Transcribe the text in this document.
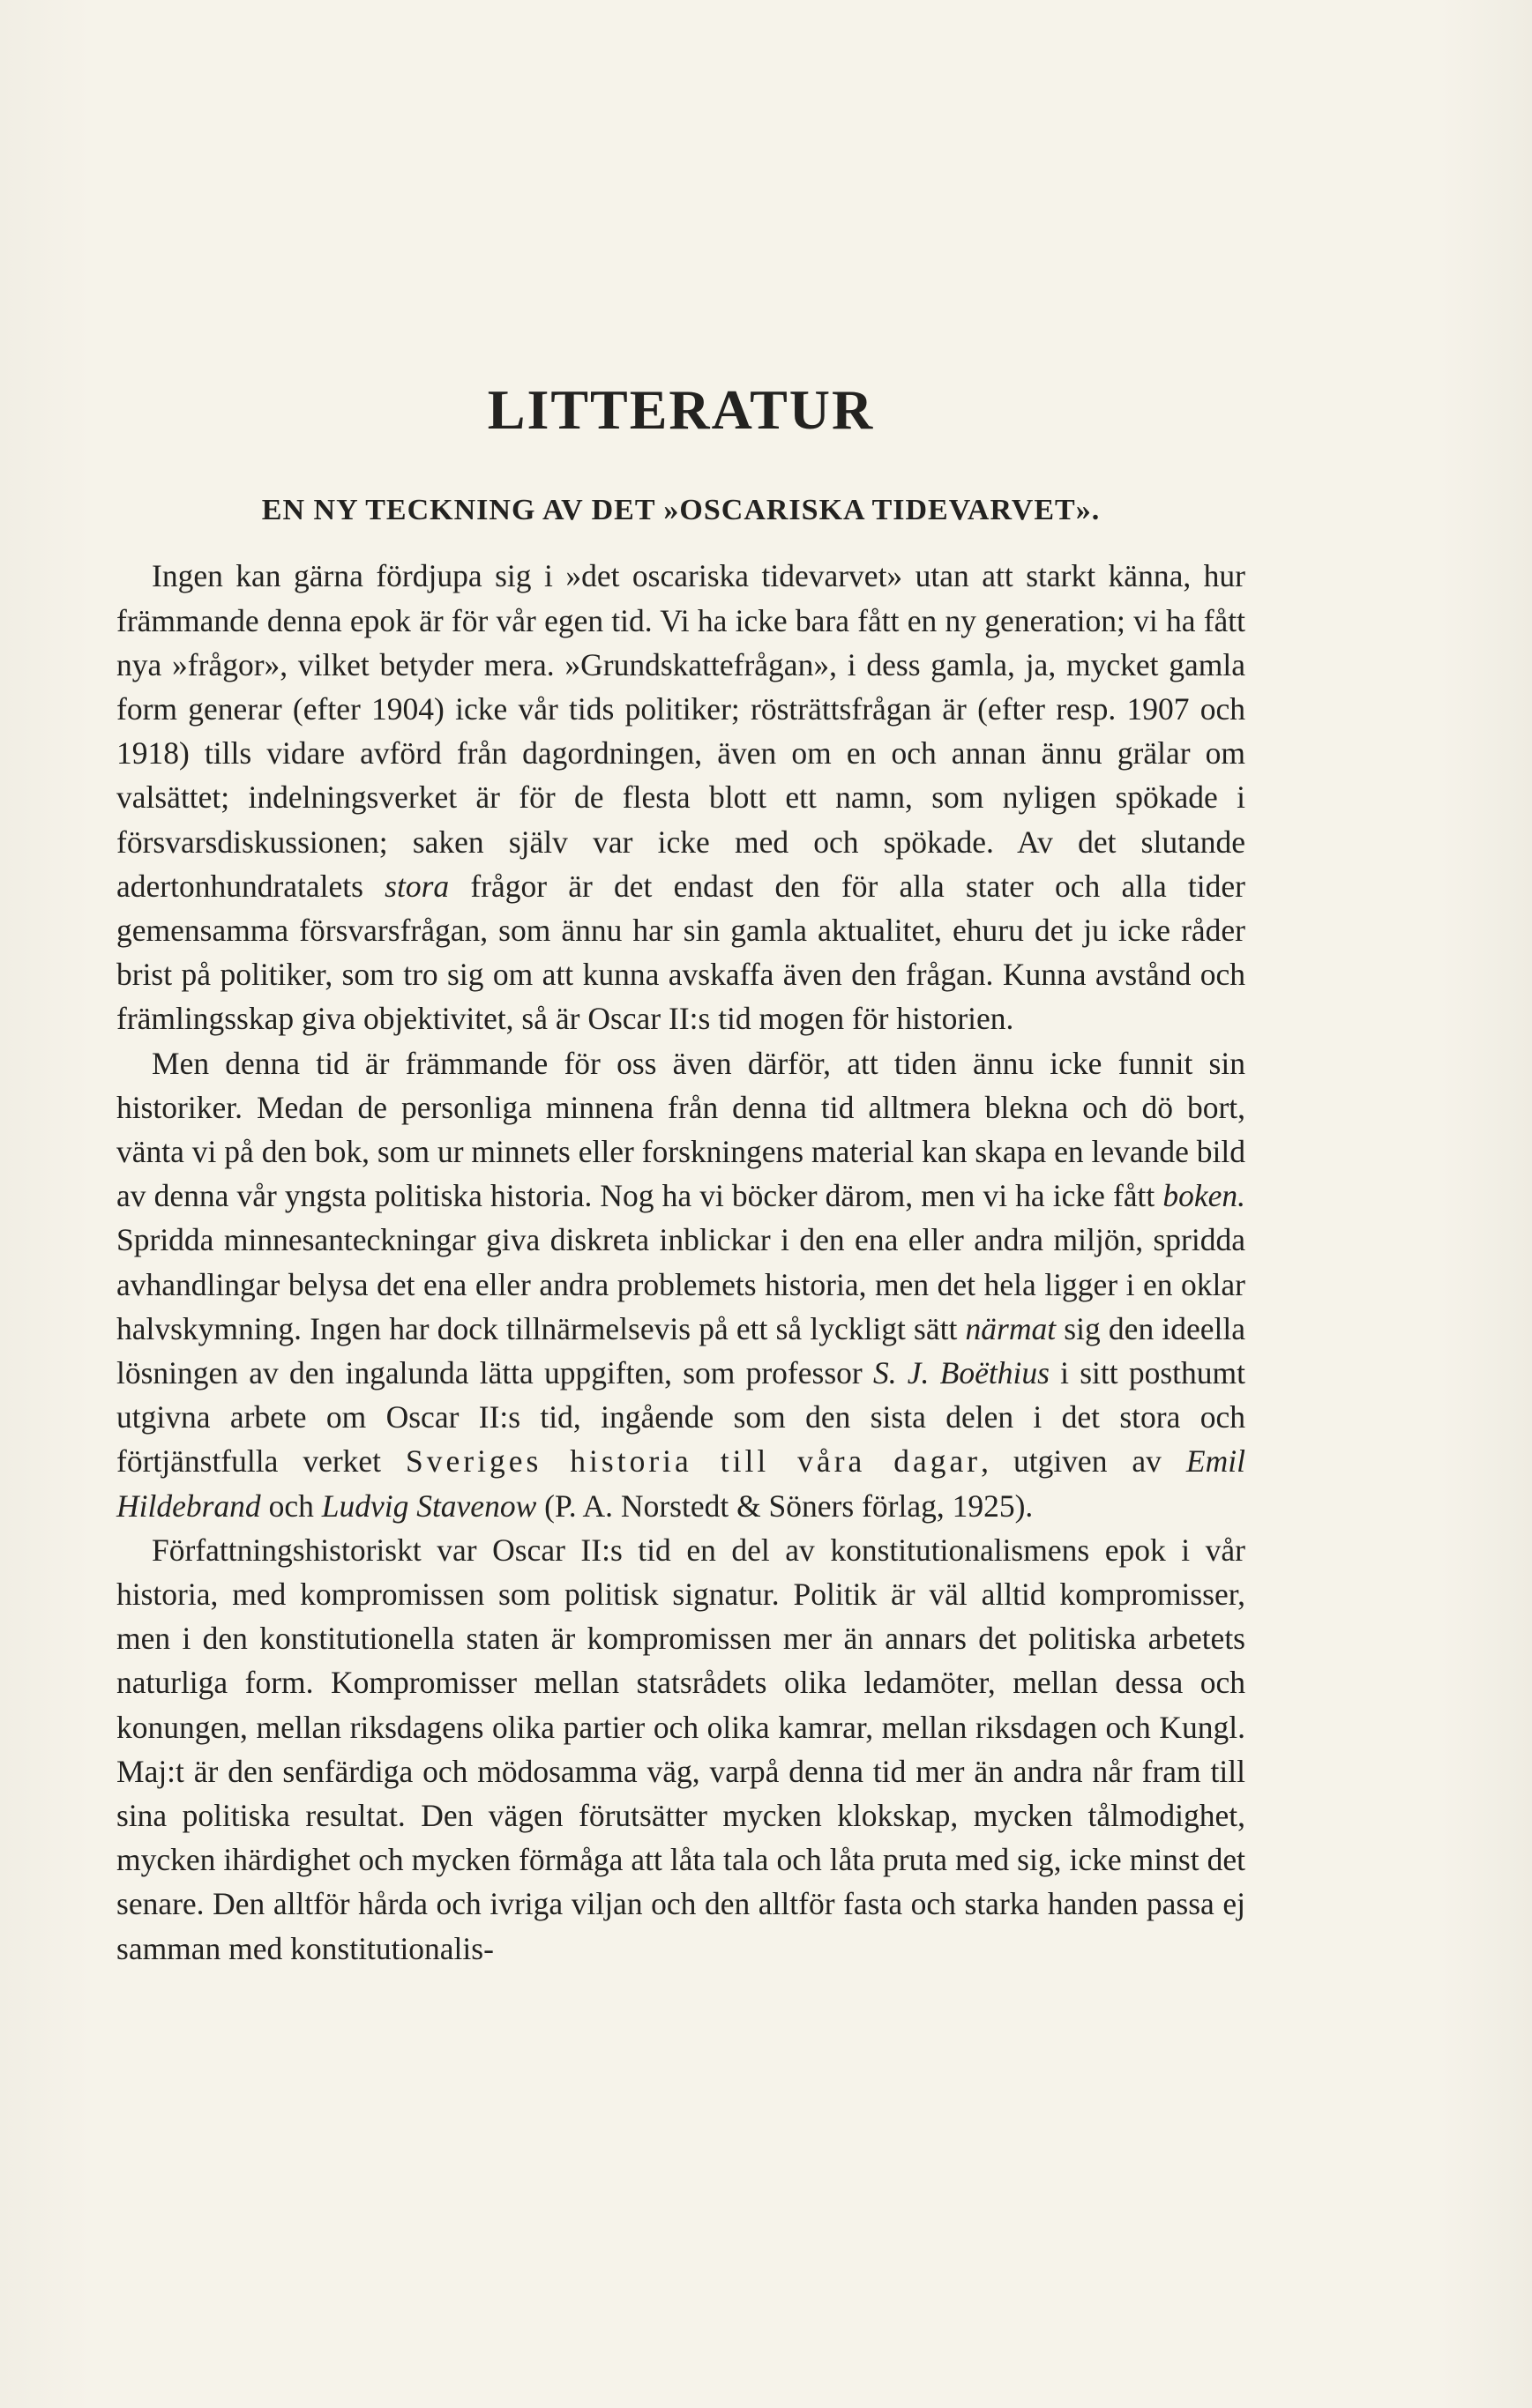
LITTERATUR
EN NY TECKNING AV DET »OSCARISKA TIDEVARVET».

Ingen kan gärna fördjupa sig i »det oscariska tidevarvet» utan att starkt känna, hur främmande denna epok är för vår egen tid. Vi ha icke bara fått en ny generation; vi ha fått nya »frågor», vilket betyder mera. »Grundskattefrågan», i dess gamla, ja, mycket gamla form generar (efter 1904) icke vår tids politiker; rösträttsfrågan är (efter resp. 1907 och 1918) tills vidare avförd från dagordningen, även om en och annan ännu grälar om valsättet; indelningsverket är för de flesta blott ett namn, som nyligen spökade i försvarsdiskussionen; saken själv var icke med och spökade. Av det slutande adertonhundratalets stora frågor är det endast den för alla stater och alla tider gemensamma försvarsfrågan, som ännu har sin gamla aktualitet, ehuru det ju icke råder brist på politiker, som tro sig om att kunna avskaffa även den frågan. Kunna avstånd och främlingsskap giva objektivitet, så är Oscar II:s tid mogen för historien.

Men denna tid är främmande för oss även därför, att tiden ännu icke funnit sin historiker. Medan de personliga minnena från denna tid alltmera blekna och dö bort, vänta vi på den bok, som ur minnets eller forskningens material kan skapa en levande bild av denna vår yngsta politiska historia. Nog ha vi böcker därom, men vi ha icke fått boken. Spridda minnesanteckningar giva diskreta inblickar i den ena eller andra miljön, spridda avhandlingar belysa det ena eller andra problemets historia, men det hela ligger i en oklar halvskymning. Ingen har dock tillnärmelsevis på ett så lyckligt sätt närmat sig den ideella lösningen av den ingalunda lätta uppgiften, som professor S. J. Boëthius i sitt posthumt utgivna arbete om Oscar II:s tid, ingående som den sista delen i det stora och förtjänstfulla verket Sveriges historia till våra dagar, utgiven av Emil Hildebrand och Ludvig Stavenow (P. A. Norstedt & Söners förlag, 1925).

Författningshistoriskt var Oscar II:s tid en del av konstitutionalismens epok i vår historia, med kompromissen som politisk signatur. Politik är väl alltid kompromisser, men i den konstitutionella staten är kompromissen mer än annars det politiska arbetets naturliga form. Kompromisser mellan statsrådets olika ledamöter, mellan dessa och konungen, mellan riksdagens olika partier och olika kamrar, mellan riksdagen och Kungl. Maj:t är den senfärdiga och mödosamma väg, varpå denna tid mer än andra når fram till sina politiska resultat. Den vägen förutsätter mycken klokskap, mycken tålmodighet, mycken ihärdighet och mycken förmåga att låta tala och låta pruta med sig, icke minst det senare. Den alltför hårda och ivriga viljan och den alltför fasta och starka handen passa ej samman med konstitutionalis-
